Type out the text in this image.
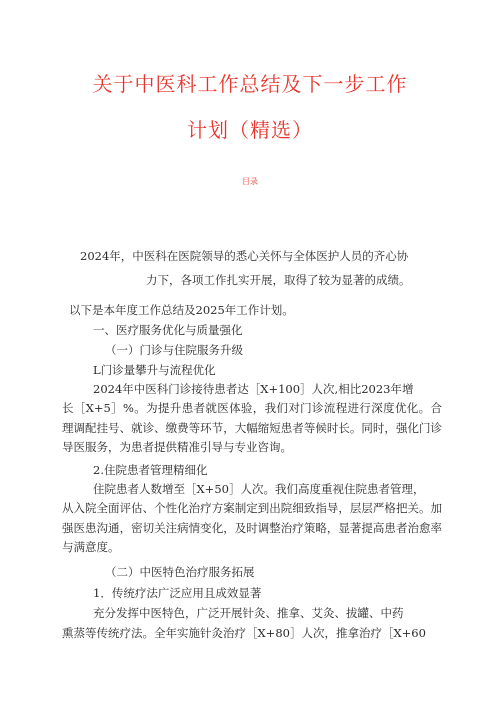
关于中医科工作总结及下一步工作
计划（精选）
目录
2024年，中医科在医院领导的悉心关怀与全体医护人员的齐心协
力下，各项工作扎实开展，取得了较为显著的成绩。
以下是本年度工作总结及2025年工作计划。
一、医疗服务优化与质量强化
（一）门诊与住院服务升级
L门诊量攀升与流程优化
2024年中医科门诊接待患者达［X+100］人次,相比2023年增
长［X+5］%。为提升患者就医体验，我们对门诊流程进行深度优化。合理调配挂号、就诊、缴费等环节，大幅缩短患者等候时长。同时，强化门诊导医服务，为患者提供精准引导与专业咨询。
2.住院患者管理精细化
住院患者人数增至［X+50］人次。我们高度重视住院患者管理，
从入院全面评估、个性化治疗方案制定到出院细致指导，层层严格把关。加强医患沟通，密切关注病情变化，及时调整治疗策略，显著提高患者治愈率与满意度。
（二）中医特色治疗服务拓展
1．传统疗法广泛应用且成效显著
充分发挥中医特色，广泛开展针灸、推拿、艾灸、拔罐、中药
熏蒸等传统疗法。全年实施针灸治疗［X+80］人次，推拿治疗［X+60
